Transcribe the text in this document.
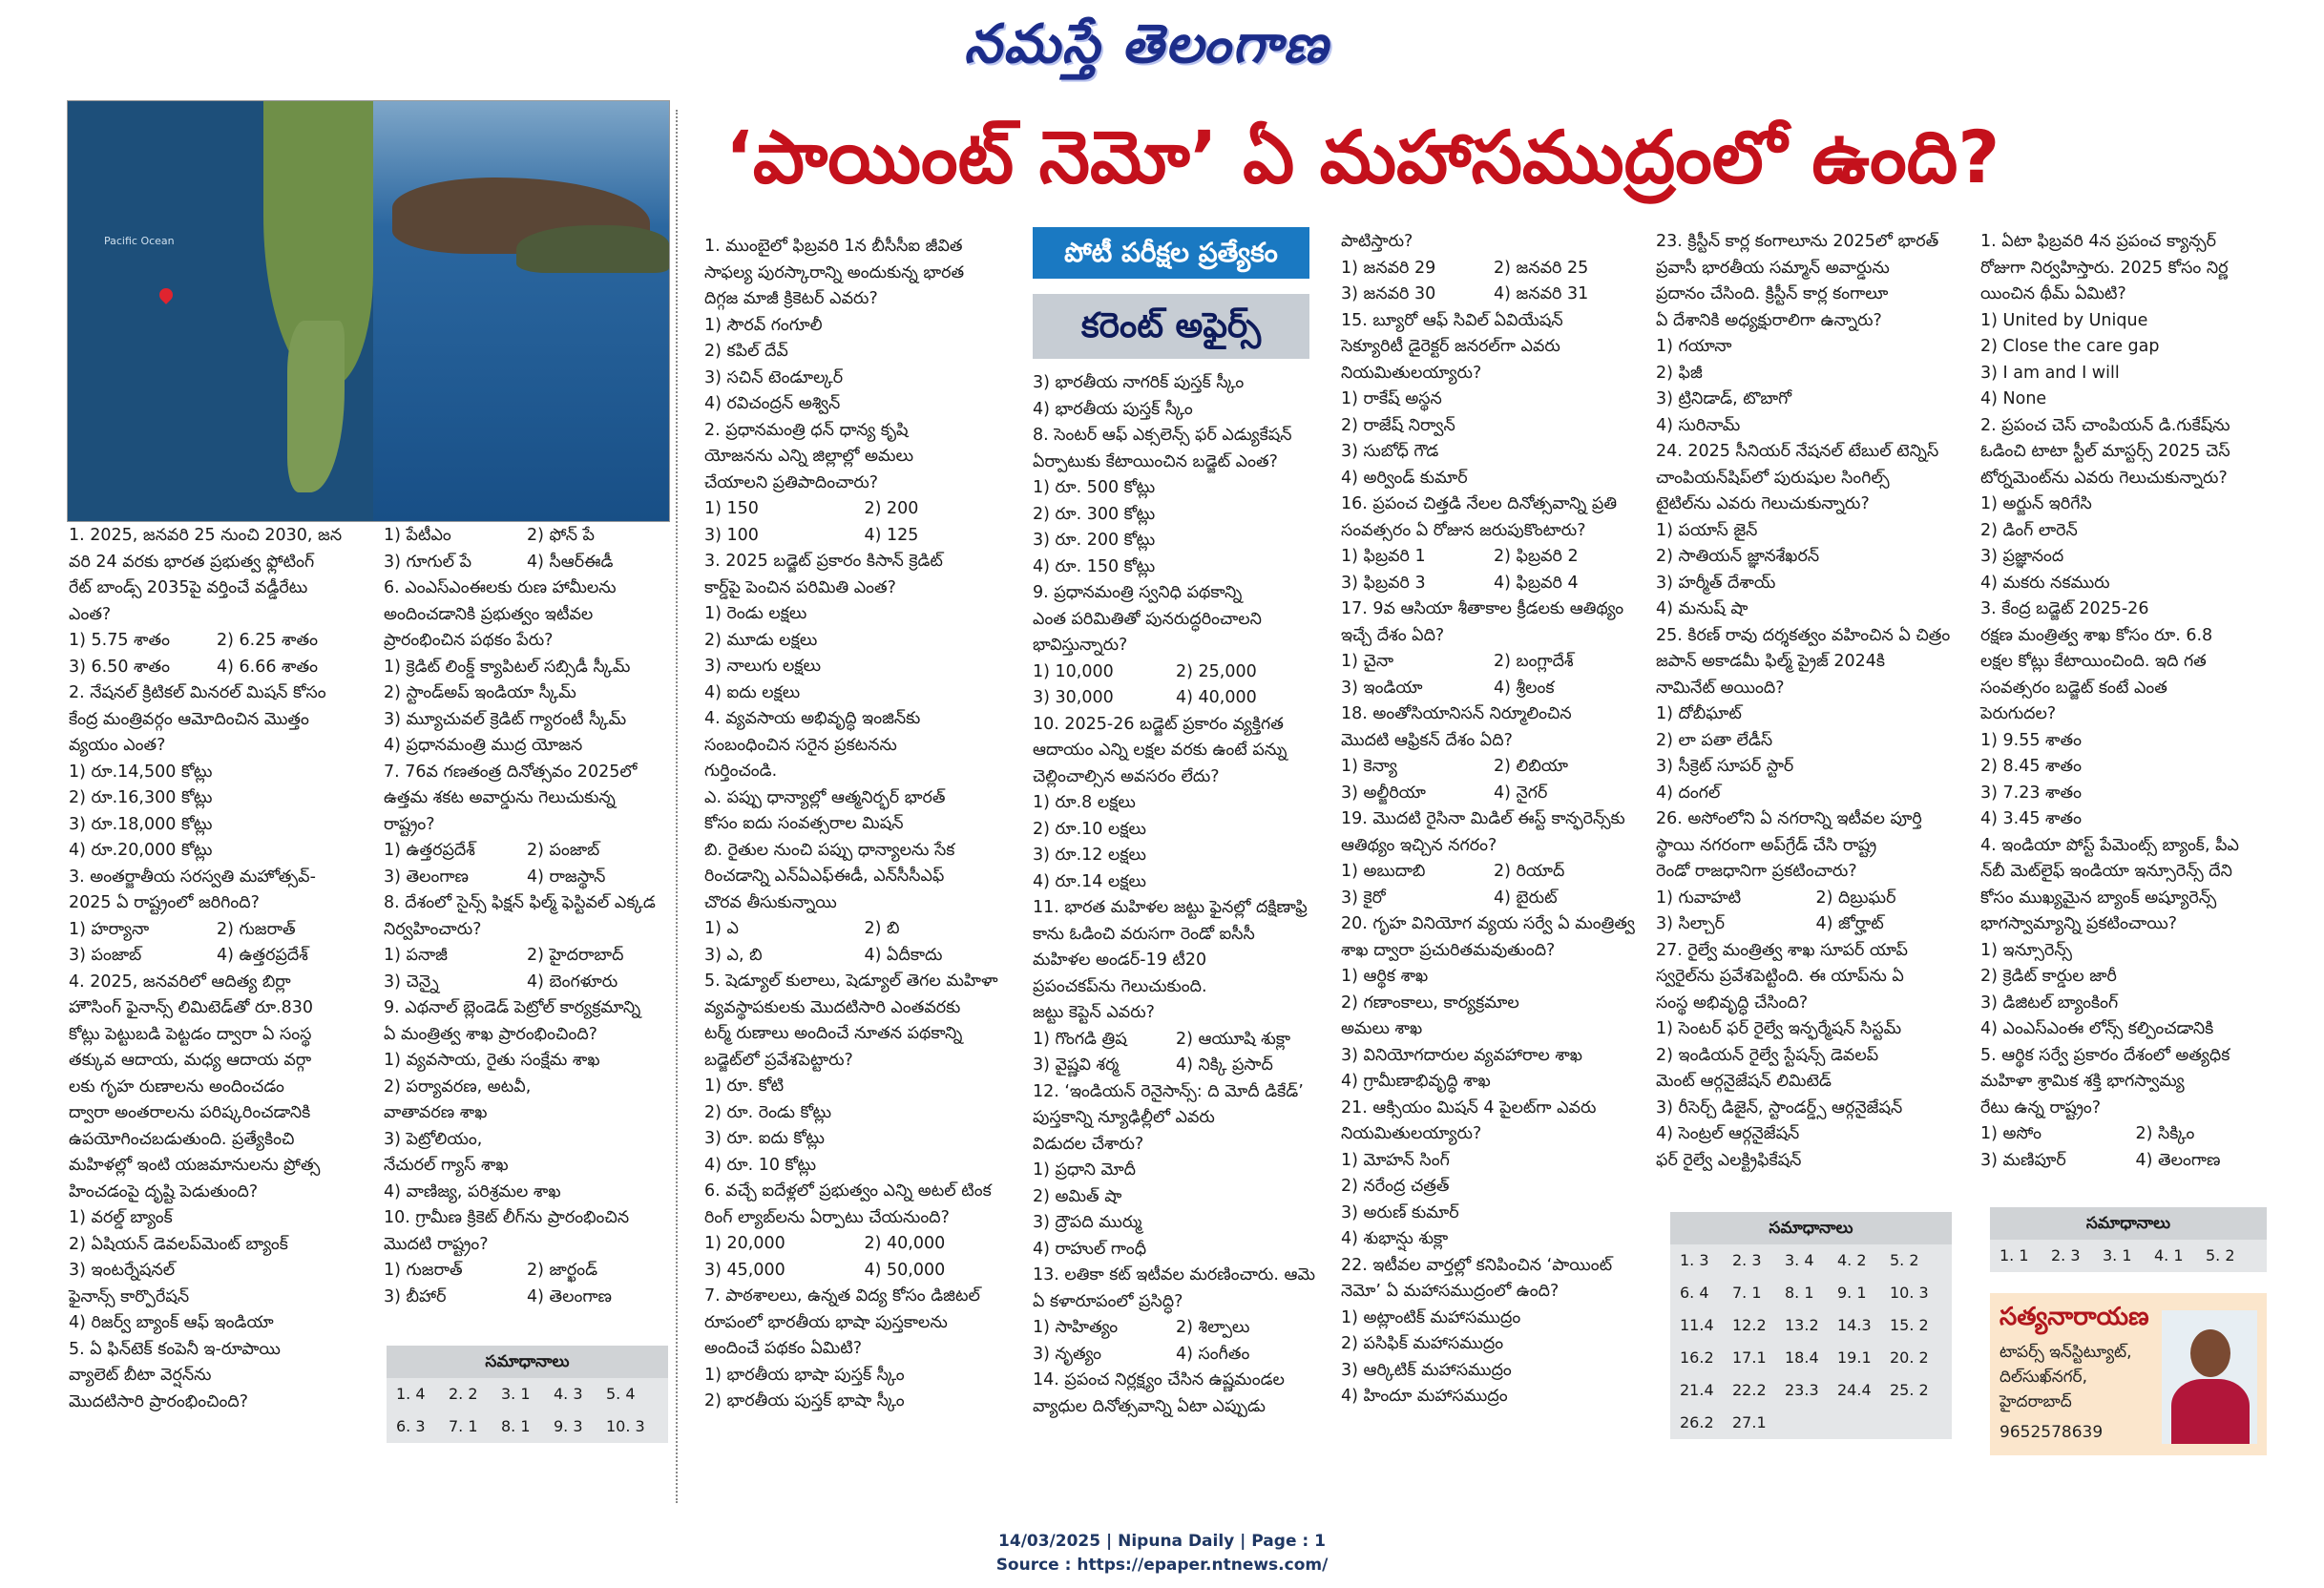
నమస్తే తెలంగాణ
Pacific Ocean
‘పాయింట్ నెమో’ ఏ మహాసముద్రంలో ఉంది?
పోటీ పరీక్షల ప్రత్యేకం
కరెంట్ అఫైర్స్
1. 2025, జనవరి 25 నుంచి 2030, జన
వరి 24 వరకు భారత ప్రభుత్వ ఫ్లోటింగ్
రేట్ బాండ్స్ 2035పై వర్తించే వడ్డీరేటు
ఎంత?
1) 5.75 శాతం	2) 6.25 శాతం
3) 6.50 శాతం	4) 6.66 శాతం
2. నేషనల్ క్రిటికల్ మినరల్ మిషన్ కోసం
కేంద్ర మంత్రివర్గం ఆమోదించిన మొత్తం
వ్యయం ఎంత?
1) రూ.14,500 కోట్లు
2) రూ.16,300 కోట్లు
3) రూ.18,000 కోట్లు
4) రూ.20,000 కోట్లు
3. అంతర్జాతీయ సరస్వతి మహోత్సవ్-
2025 ఏ రాష్ట్రంలో జరిగింది?
1) హర్యానా	2) గుజరాత్
3) పంజాబ్	4) ఉత్తరప్రదేశ్
4. 2025, జనవరిలో ఆదిత్య బిర్లా
హౌసింగ్ ఫైనాన్స్ లిమిటెడ్‌తో రూ.830
కోట్లు పెట్టుబడి పెట్టడం ద్వారా ఏ సంస్థ
తక్కువ ఆదాయ, మధ్య ఆదాయ వర్గా
లకు గృహ రుణాలను అందించడం
ద్వారా అంతరాలను పరిష్కరించడానికి
ఉపయోగించబడుతుంది. ప్రత్యేకించి
మహిళల్లో ఇంటి యజమానులను ప్రోత్స
హించడంపై దృష్టి పెడుతుంది?
1) వరల్డ్ బ్యాంక్
2) ఏషియన్ డెవలప్‌మెంట్ బ్యాంక్
3) ఇంటర్నేషనల్
ఫైనాన్స్ కార్పొరేషన్
4) రిజర్వ్ బ్యాంక్ ఆఫ్ ఇండియా
5. ఏ ఫిన్‌టెక్ కంపెనీ ఇ-రూపాయి
వ్యాలెట్ బీటా వెర్షన్‌ను
మొదటిసారి ప్రారంభించింది?
1) పేటీఎం	2) ఫోన్ పే
3) గూగుల్ పే	4) సీఆర్ఈడీ
6. ఎంఎస్ఎంఈలకు రుణ హామీలను
అందించడానికి ప్రభుత్వం ఇటీవల
ప్రారంభించిన పథకం పేరు?
1) క్రెడిట్ లింక్డ్ క్యాపిటల్ సబ్సిడీ స్కీమ్
2) స్టాండ్అప్ ఇండియా స్కీమ్
3) మ్యూచువల్ క్రెడిట్ గ్యారంటీ స్కీమ్
4) ప్రధానమంత్రి ముద్ర యోజన
7. 76వ గణతంత్ర దినోత్సవం 2025లో
ఉత్తమ శకట అవార్డును గెలుచుకున్న
రాష్ట్రం?
1) ఉత్తరప్రదేశ్	2) పంజాబ్
3) తెలంగాణ	4) రాజస్థాన్
8. దేశంలో సైన్స్ ఫిక్షన్ ఫిల్మ్ ఫెస్టివల్ ఎక్కడ
నిర్వహించారు?
1) పనాజీ	2) హైదరాబాద్
3) చెన్నై	4) బెంగళూరు
9. ఎథనాల్ బ్లెండెడ్ పెట్రోల్ కార్యక్రమాన్ని
ఏ మంత్రిత్వ శాఖ ప్రారంభించింది?
1) వ్యవసాయ, రైతు సంక్షేమ శాఖ
2) పర్యావరణ, అటవీ,
వాతావరణ శాఖ
3) పెట్రోలియం,
నేచురల్ గ్యాస్ శాఖ
4) వాణిజ్య, పరిశ్రమల శాఖ
10. గ్రామీణ క్రికెట్ లీగ్‌ను ప్రారంభించిన
మొదటి రాష్ట్రం?
1) గుజరాత్	2) జార్ఖండ్
3) బీహార్	4) తెలంగాణ
1. ముంబైలో ఫిబ్రవరి 1న బీసీసీఐ జీవిత
సాఫల్య పురస్కారాన్ని అందుకున్న భారత
దిగ్గజ మాజీ క్రికెటర్ ఎవరు?
1) సౌరవ్ గంగూలీ
2) కపిల్ దేవ్
3) సచిన్ టెండూల్కర్
4) రవిచంద్రన్ అశ్విన్
2. ప్రధానమంత్రి ధన్ ధాన్య కృషి
యోజనను ఎన్ని జిల్లాల్లో అమలు
చేయాలని ప్రతిపాదించారు?
1) 150	2) 200
3) 100	4) 125
3. 2025 బడ్జెట్ ప్రకారం కిసాన్ క్రెడిట్
కార్డ్‌పై పెంచిన పరిమితి ఎంత?
1) రెండు లక్షలు
2) మూడు లక్షలు
3) నాలుగు లక్షలు
4) ఐదు లక్షలు
4. వ్యవసాయ అభివృద్ధి ఇంజిన్‌కు
సంబంధించిన సరైన ప్రకటనను
గుర్తించండి.
ఎ. పప్పు ధాన్యాల్లో ఆత్మనిర్భర్ భారత్
కోసం ఐదు సంవత్సరాల మిషన్
బి. రైతుల నుంచి పప్పు ధాన్యాలను సేక
రించడాన్ని ఎన్ఏఎఫ్ఈడీ, ఎన్‌సీసీఎఫ్
చొరవ తీసుకున్నాయి
1) ఎ	2) బి
3) ఎ, బి	4) ఏదీకాదు
5. షెడ్యూల్ కులాలు, షెడ్యూల్ తెగల మహిళా
వ్యవస్థాపకులకు మొదటిసారి ఎంతవరకు
టర్మ్ రుణాలు అందించే నూతన పథకాన్ని
బడ్జెట్‌లో ప్రవేశపెట్టారు?
1) రూ. కోటి
2) రూ. రెండు కోట్లు
3) రూ. ఐదు కోట్లు
4) రూ. 10 కోట్లు
6. వచ్చే ఐదేళ్లలో ప్రభుత్వం ఎన్ని అటల్ టింక
రింగ్ ల్యాబ్‌లను ఏర్పాటు చేయనుంది?
1) 20,000	2) 40,000
3) 45,000	4) 50,000
7. పాఠశాలలు, ఉన్నత విద్య కోసం డిజిటల్
రూపంలో భారతీయ భాషా పుస్తకాలను
అందించే పథకం ఏమిటి?
1) భారతీయ భాషా పుస్తక్ స్కీం
2) భారతీయ పుస్తక్ భాషా స్కీం
3) భారతీయ నాగరిక్ పుస్తక్ స్కీం
4) భారతీయ పుస్తక్ స్కీం
8. సెంటర్ ఆఫ్ ఎక్సలెన్స్ ఫర్ ఎడ్యుకేషన్
ఏర్పాటుకు కేటాయించిన బడ్జెట్ ఎంత?
1) రూ. 500 కోట్లు
2) రూ. 300 కోట్లు
3) రూ. 200 కోట్లు
4) రూ. 150 కోట్లు
9. ప్రధానమంత్రి స్వనిధి పథకాన్ని
ఎంత పరిమితితో పునరుద్ధరించాలని
భావిస్తున్నారు?
1) 10,000	2) 25,000
3) 30,000	4) 40,000
10. 2025-26 బడ్జెట్ ప్రకారం వ్యక్తిగత
ఆదాయం ఎన్ని లక్షల వరకు ఉంటే పన్ను
చెల్లించాల్సిన అవసరం లేదు?
1) రూ.8 లక్షలు
2) రూ.10 లక్షలు
3) రూ.12 లక్షలు
4) రూ.14 లక్షలు
11. భారత మహిళల జట్టు ఫైనల్లో దక్షిణాఫ్రి
కాను ఓడించి వరుసగా రెండో ఐసీసీ
మహిళల అండర్-19 టీ20
ప్రపంచకప్‌ను గెలుచుకుంది.
జట్టు కెప్టెన్ ఎవరు?
1) గొంగడి త్రిష	2) ఆయూషి శుక్లా
3) వైష్ణవి శర్మ	4) నిక్కి ప్రసాద్
12. ‘ఇండియన్ రెనైసాన్స్: ది మోదీ డికేడ్’
పుస్తకాన్ని న్యూఢిల్లీలో ఎవరు
విడుదల చేశారు?
1) ప్రధాని మోదీ
2) అమిత్ షా
3) ద్రౌపది ముర్ము
4) రాహుల్ గాంధీ
13. లతికా కట్ ఇటీవల మరణించారు. ఆమె
ఏ కళారూపంలో ప్రసిద్ధి?
1) సాహిత్యం	2) శిల్పాలు
3) నృత్యం	4) సంగీతం
14. ప్రపంచ నిర్లక్ష్యం చేసిన ఉష్ణమండల
వ్యాధుల దినోత్సవాన్ని ఏటా ఎప్పుడు
పాటిస్తారు?
1) జనవరి 29	2) జనవరి 25
3) జనవరి 30	4) జనవరి 31
15. బ్యూరో ఆఫ్ సివిల్ ఏవియేషన్
సెక్యూరిటీ డైరెక్టర్ జనరల్‌గా ఎవరు
నియమితులయ్యారు?
1) రాకేష్ అస్థన
2) రాజేష్ నిర్వాన్
3) సుబోధ్ గౌడ
4) అర్విండ్ కుమార్
16. ప్రపంచ చిత్తడి నేలల దినోత్సవాన్ని ప్రతి
సంవత్సరం ఏ రోజున జరుపుకొంటారు?
1) ఫిబ్రవరి 1	2) ఫిబ్రవరి 2
3) ఫిబ్రవరి 3	4) ఫిబ్రవరి 4
17. 9వ ఆసియా శీతాకాల క్రీడలకు ఆతిథ్యం
ఇచ్చే దేశం ఏది?
1) చైనా	2) బంగ్లాదేశ్
3) ఇండియా	4) శ్రీలంక
18. అంతోసియానిసన్ నిర్మూలించిన
మొదటి ఆఫ్రికన్ దేశం ఏది?
1) కెన్యా	2) లిబియా
3) అల్జీరియా	4) నైగర్
19. మొదటి రైసినా మిడిల్ ఈస్ట్ కాన్ఫరెన్స్‌కు
ఆతిథ్యం ఇచ్చిన నగరం?
1) అబుదాబి	2) రియాద్
3) కైరో	4) బైరుట్
20. గృహ వినియోగ వ్యయ సర్వే ఏ మంత్రిత్వ
శాఖ ద్వారా ప్రచురితమవుతుంది?
1) ఆర్థిక శాఖ
2) గణాంకాలు, కార్యక్రమాల
అమలు శాఖ
3) వినియోగదారుల వ్యవహారాల శాఖ
4) గ్రామీణాభివృద్ధి శాఖ
21. ఆక్సియం మిషన్ 4 పైలట్‌గా ఎవరు
నియమితులయ్యారు?
1) మోహన్ సింగ్
2) నరేంద్ర చత్రత్
3) అరుణ్ కుమార్
4) శుభాన్షు శుక్లా
22. ఇటీవల వార్తల్లో కనిపించిన ‘పాయింట్
నెమో’ ఏ మహాసముద్రంలో ఉంది?
1) అట్లాంటిక్ మహాసముద్రం
2) పసిఫిక్ మహాసముద్రం
3) ఆర్కిటిక్ మహాసముద్రం
4) హిందూ మహాసముద్రం
23. క్రిస్టీన్ కార్ల కంగాలూను 2025లో భారత్
ప్రవాసీ భారతీయ సమ్మాన్ అవార్డును
ప్రదానం చేసింది. క్రిస్టీన్ కార్ల కంగాలూ
ఏ దేశానికి అధ్యక్షురాలిగా ఉన్నారు?
1) గయానా
2) ఫిజీ
3) ట్రినిడాడ్, టొబాగో
4) సురినామ్
24. 2025 సీనియర్ నేషనల్ టేబుల్ టెన్నిస్
చాంపియన్‌షిప్‌లో పురుషుల సింగిల్స్
టైటిల్‌ను ఎవరు గెలుచుకున్నారు?
1) పయాస్ జైన్
2) సాతియన్ జ్ఞానశేఖరన్
3) హర్మీత్ దేశాయ్
4) మనుష్ షా
25. కిరణ్ రావు దర్శకత్వం వహించిన ఏ చిత్రం
జపాన్ అకాడమీ ఫిల్మ్ ప్రైజ్ 2024కి
నామినేట్ అయింది?
1) దోబీఘాట్
2) లా పతా లేడీస్
3) సీక్రెట్ సూపర్ స్టార్
4) దంగల్
26. అసోంలోని ఏ నగరాన్ని ఇటీవల పూర్తి
స్థాయి నగరంగా అప్‌గ్రేడ్ చేసి రాష్ట్ర
రెండో రాజధానిగా ప్రకటించారు?
1) గువాహటి	2) దిబ్రుఘర్
3) సిల్చార్	4) జోర్హాట్
27. రైల్వే మంత్రిత్వ శాఖ సూపర్ యాప్
స్వరైల్‌ను ప్రవేశపెట్టింది. ఈ యాప్‌ను ఏ
సంస్థ అభివృద్ధి చేసింది?
1) సెంటర్ ఫర్ రైల్వే ఇన్ఫర్మేషన్ సిస్టమ్
2) ఇండియన్ రైల్వే స్టేషన్స్ డెవలప్
మెంట్ ఆర్గనైజేషన్ లిమిటెడ్
3) రీసెర్చ్ డిజైన్, స్టాండర్డ్స్ ఆర్గనైజేషన్
4) సెంట్రల్ ఆర్గనైజేషన్
ఫర్ రైల్వే ఎలక్ట్రిఫికేషన్
1. ఏటా ఫిబ్రవరి 4న ప్రపంచ క్యాన్సర్
రోజుగా నిర్వహిస్తారు. 2025 కోసం నిర్ణ
యించిన థీమ్ ఏమిటి?
1) United by Unique
2) Close the care gap
3) I am and I will
4) None
2. ప్రపంచ చెస్ చాంపియన్ డి.గుకేష్‌ను
ఓడించి టాటా స్టీల్ మాస్టర్స్ 2025 చెస్
టోర్నమెంట్‌ను ఎవరు గెలుచుకున్నారు?
1) అర్జున్ ఇరిగేసి
2) డింగ్ లారెన్
3) ప్రజ్ఞానంద
4) మకరు నకమురు
3. కేంద్ర బడ్జెట్ 2025-26
రక్షణ మంత్రిత్వ శాఖ కోసం రూ. 6.8
లక్షల కోట్లు కేటాయించింది. ఇది గత
సంవత్సరం బడ్జెట్ కంటే ఎంత
పెరుగుదల?
1) 9.55 శాతం
2) 8.45 శాతం
3) 7.23 శాతం
4) 3.45 శాతం
4. ఇండియా పోస్ట్ పేమెంట్స్ బ్యాంక్, పీఎ
న్‌బీ మెట్‌లైఫ్ ఇండియా ఇన్సూరెన్స్ దేని
కోసం ముఖ్యమైన బ్యాంక్ అష్యూరెన్స్
భాగస్వామ్యాన్ని ప్రకటించాయి?
1) ఇన్సూరెన్స్
2) క్రెడిట్ కార్డుల జారీ
3) డిజిటల్ బ్యాంకింగ్
4) ఎంఎస్ఎంఈ లోన్స్ కల్పించడానికి
5. ఆర్థిక సర్వే ప్రకారం దేశంలో అత్యధిక
మహిళా శ్రామిక శక్తి భాగస్వామ్య
రేటు ఉన్న రాష్ట్రం?
1) అసోం	2) సిక్కిం
3) మణిపూర్	4) తెలంగాణ
సమాధానాలు
1. 4	2. 2	3. 1	4. 3	5. 4
6. 3	7. 1	8. 1	9. 3	10. 3
సమాధానాలు
1. 3	2. 3	3. 4	4. 2	5. 2
6. 4	7. 1	8. 1	9. 1	10. 3
11.4	12.2	13.2	14.3	15. 2
16.2	17.1	18.4	19.1	20. 2
21.4	22.2	23.3	24.4	25. 2
26.2	27.1
సమాధానాలు
1. 1	2. 3	3. 1	4. 1	5. 2
సత్యనారాయణ
టాపర్స్ ఇన్‌స్టిట్యూట్,
దిల్‌సుఖ్‌నగర్,
హైదరాబాద్
9652578639
14/03/2025 | Nipuna Daily | Page : 1
Source : https://epaper.ntnews.com/
